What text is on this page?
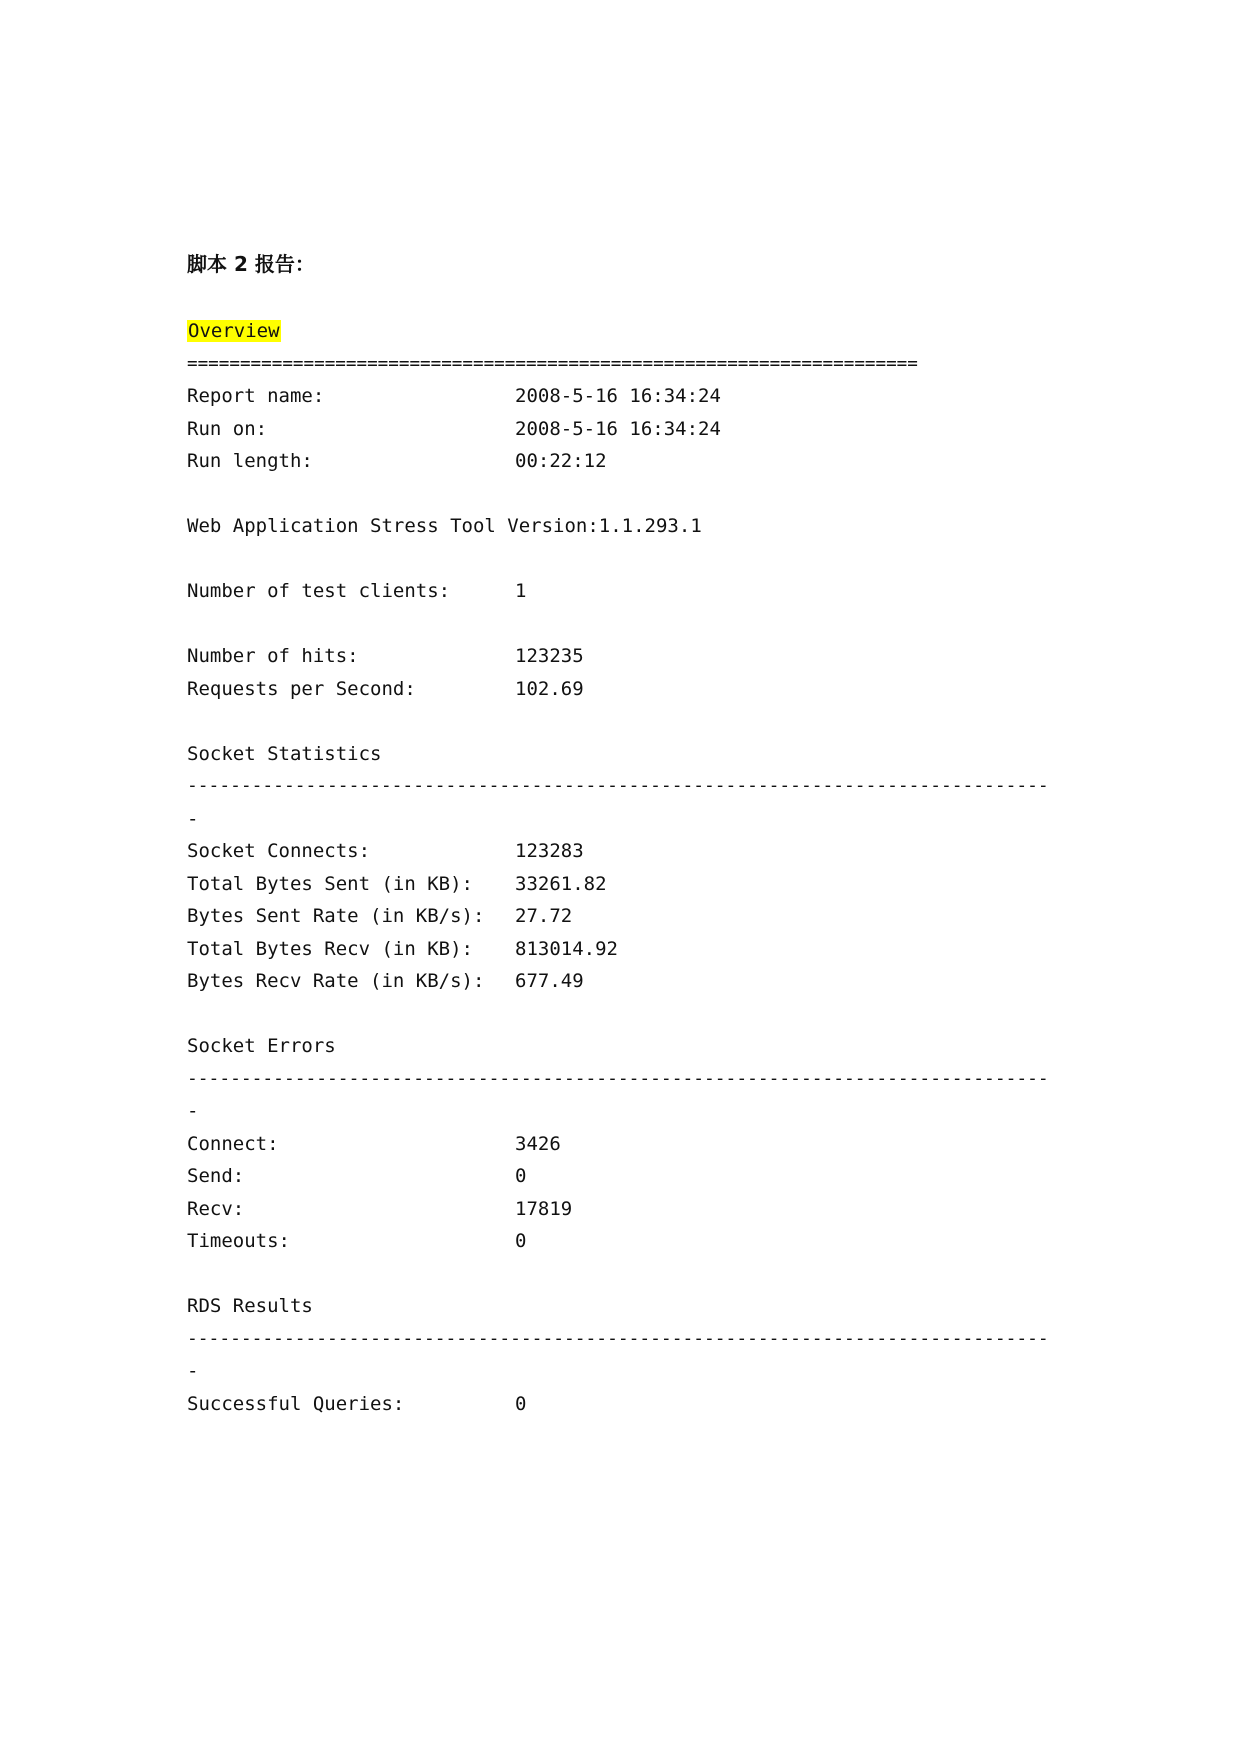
脚本 2 报告：
Overview
=====================================================================
Report name:	2008-5-16 16:34:24
Run on:	2008-5-16 16:34:24
Run length:	00:22:12
Web Application Stress Tool Version:1.1.293.1
Number of test clients:	1
Number of hits:	123235
Requests per Second:	102.69
Socket Statistics
--------------------------------------------------------------------------------
-
Socket Connects:	123283
Total Bytes Sent (in KB):	33261.82
Bytes Sent Rate (in KB/s):	27.72
Total Bytes Recv (in KB):	813014.92
Bytes Recv Rate (in KB/s):	677.49
Socket Errors
--------------------------------------------------------------------------------
-
Connect:	3426
Send:	0
Recv:	17819
Timeouts:	0
RDS Results
--------------------------------------------------------------------------------
-
Successful Queries:	0
